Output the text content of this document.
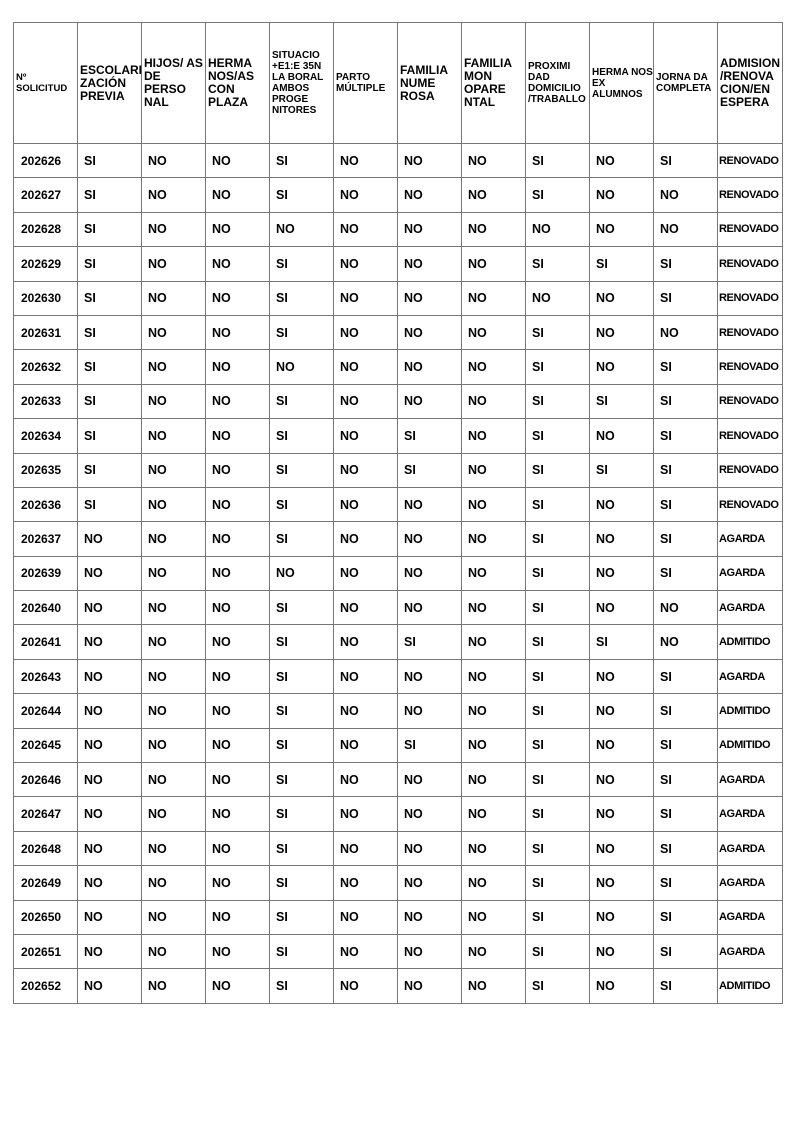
Nº SOLICITUD	ESCOLARI ZACIÓN PREVIA	HIJOS/ AS DE PERSO NAL	HERMA NOS/AS CON PLAZA	SITUACIO +E1:E 35N LA BORAL AMBOS PROGE NITORES	PARTO MÚLTIPLE	FAMILIA NUME ROSA	FAMILIA MON OPARE NTAL	PROXIMI DAD DOMICILIO /TRABALLO	HERMA NOS EX ALUMNOS	JORNA DA COMPLETA	ADMISION /RENOVA CION/EN ESPERA
202626	SI	NO	NO	SI	NO	NO	NO	SI	NO	SI	RENOVADO
202627	SI	NO	NO	SI	NO	NO	NO	SI	NO	NO	RENOVADO
202628	SI	NO	NO	NO	NO	NO	NO	NO	NO	NO	RENOVADO
202629	SI	NO	NO	SI	NO	NO	NO	SI	SI	SI	RENOVADO
202630	SI	NO	NO	SI	NO	NO	NO	NO	NO	SI	RENOVADO
202631	SI	NO	NO	SI	NO	NO	NO	SI	NO	NO	RENOVADO
202632	SI	NO	NO	NO	NO	NO	NO	SI	NO	SI	RENOVADO
202633	SI	NO	NO	SI	NO	NO	NO	SI	SI	SI	RENOVADO
202634	SI	NO	NO	SI	NO	SI	NO	SI	NO	SI	RENOVADO
202635	SI	NO	NO	SI	NO	SI	NO	SI	SI	SI	RENOVADO
202636	SI	NO	NO	SI	NO	NO	NO	SI	NO	SI	RENOVADO
202637	NO	NO	NO	SI	NO	NO	NO	SI	NO	SI	AGARDA
202639	NO	NO	NO	NO	NO	NO	NO	SI	NO	SI	AGARDA
202640	NO	NO	NO	SI	NO	NO	NO	SI	NO	NO	AGARDA
202641	NO	NO	NO	SI	NO	SI	NO	SI	SI	NO	ADMITIDO
202643	NO	NO	NO	SI	NO	NO	NO	SI	NO	SI	AGARDA
202644	NO	NO	NO	SI	NO	NO	NO	SI	NO	SI	ADMITIDO
202645	NO	NO	NO	SI	NO	SI	NO	SI	NO	SI	ADMITIDO
202646	NO	NO	NO	SI	NO	NO	NO	SI	NO	SI	AGARDA
202647	NO	NO	NO	SI	NO	NO	NO	SI	NO	SI	AGARDA
202648	NO	NO	NO	SI	NO	NO	NO	SI	NO	SI	AGARDA
202649	NO	NO	NO	SI	NO	NO	NO	SI	NO	SI	AGARDA
202650	NO	NO	NO	SI	NO	NO	NO	SI	NO	SI	AGARDA
202651	NO	NO	NO	SI	NO	NO	NO	SI	NO	SI	AGARDA
202652	NO	NO	NO	SI	NO	NO	NO	SI	NO	SI	ADMITIDO
